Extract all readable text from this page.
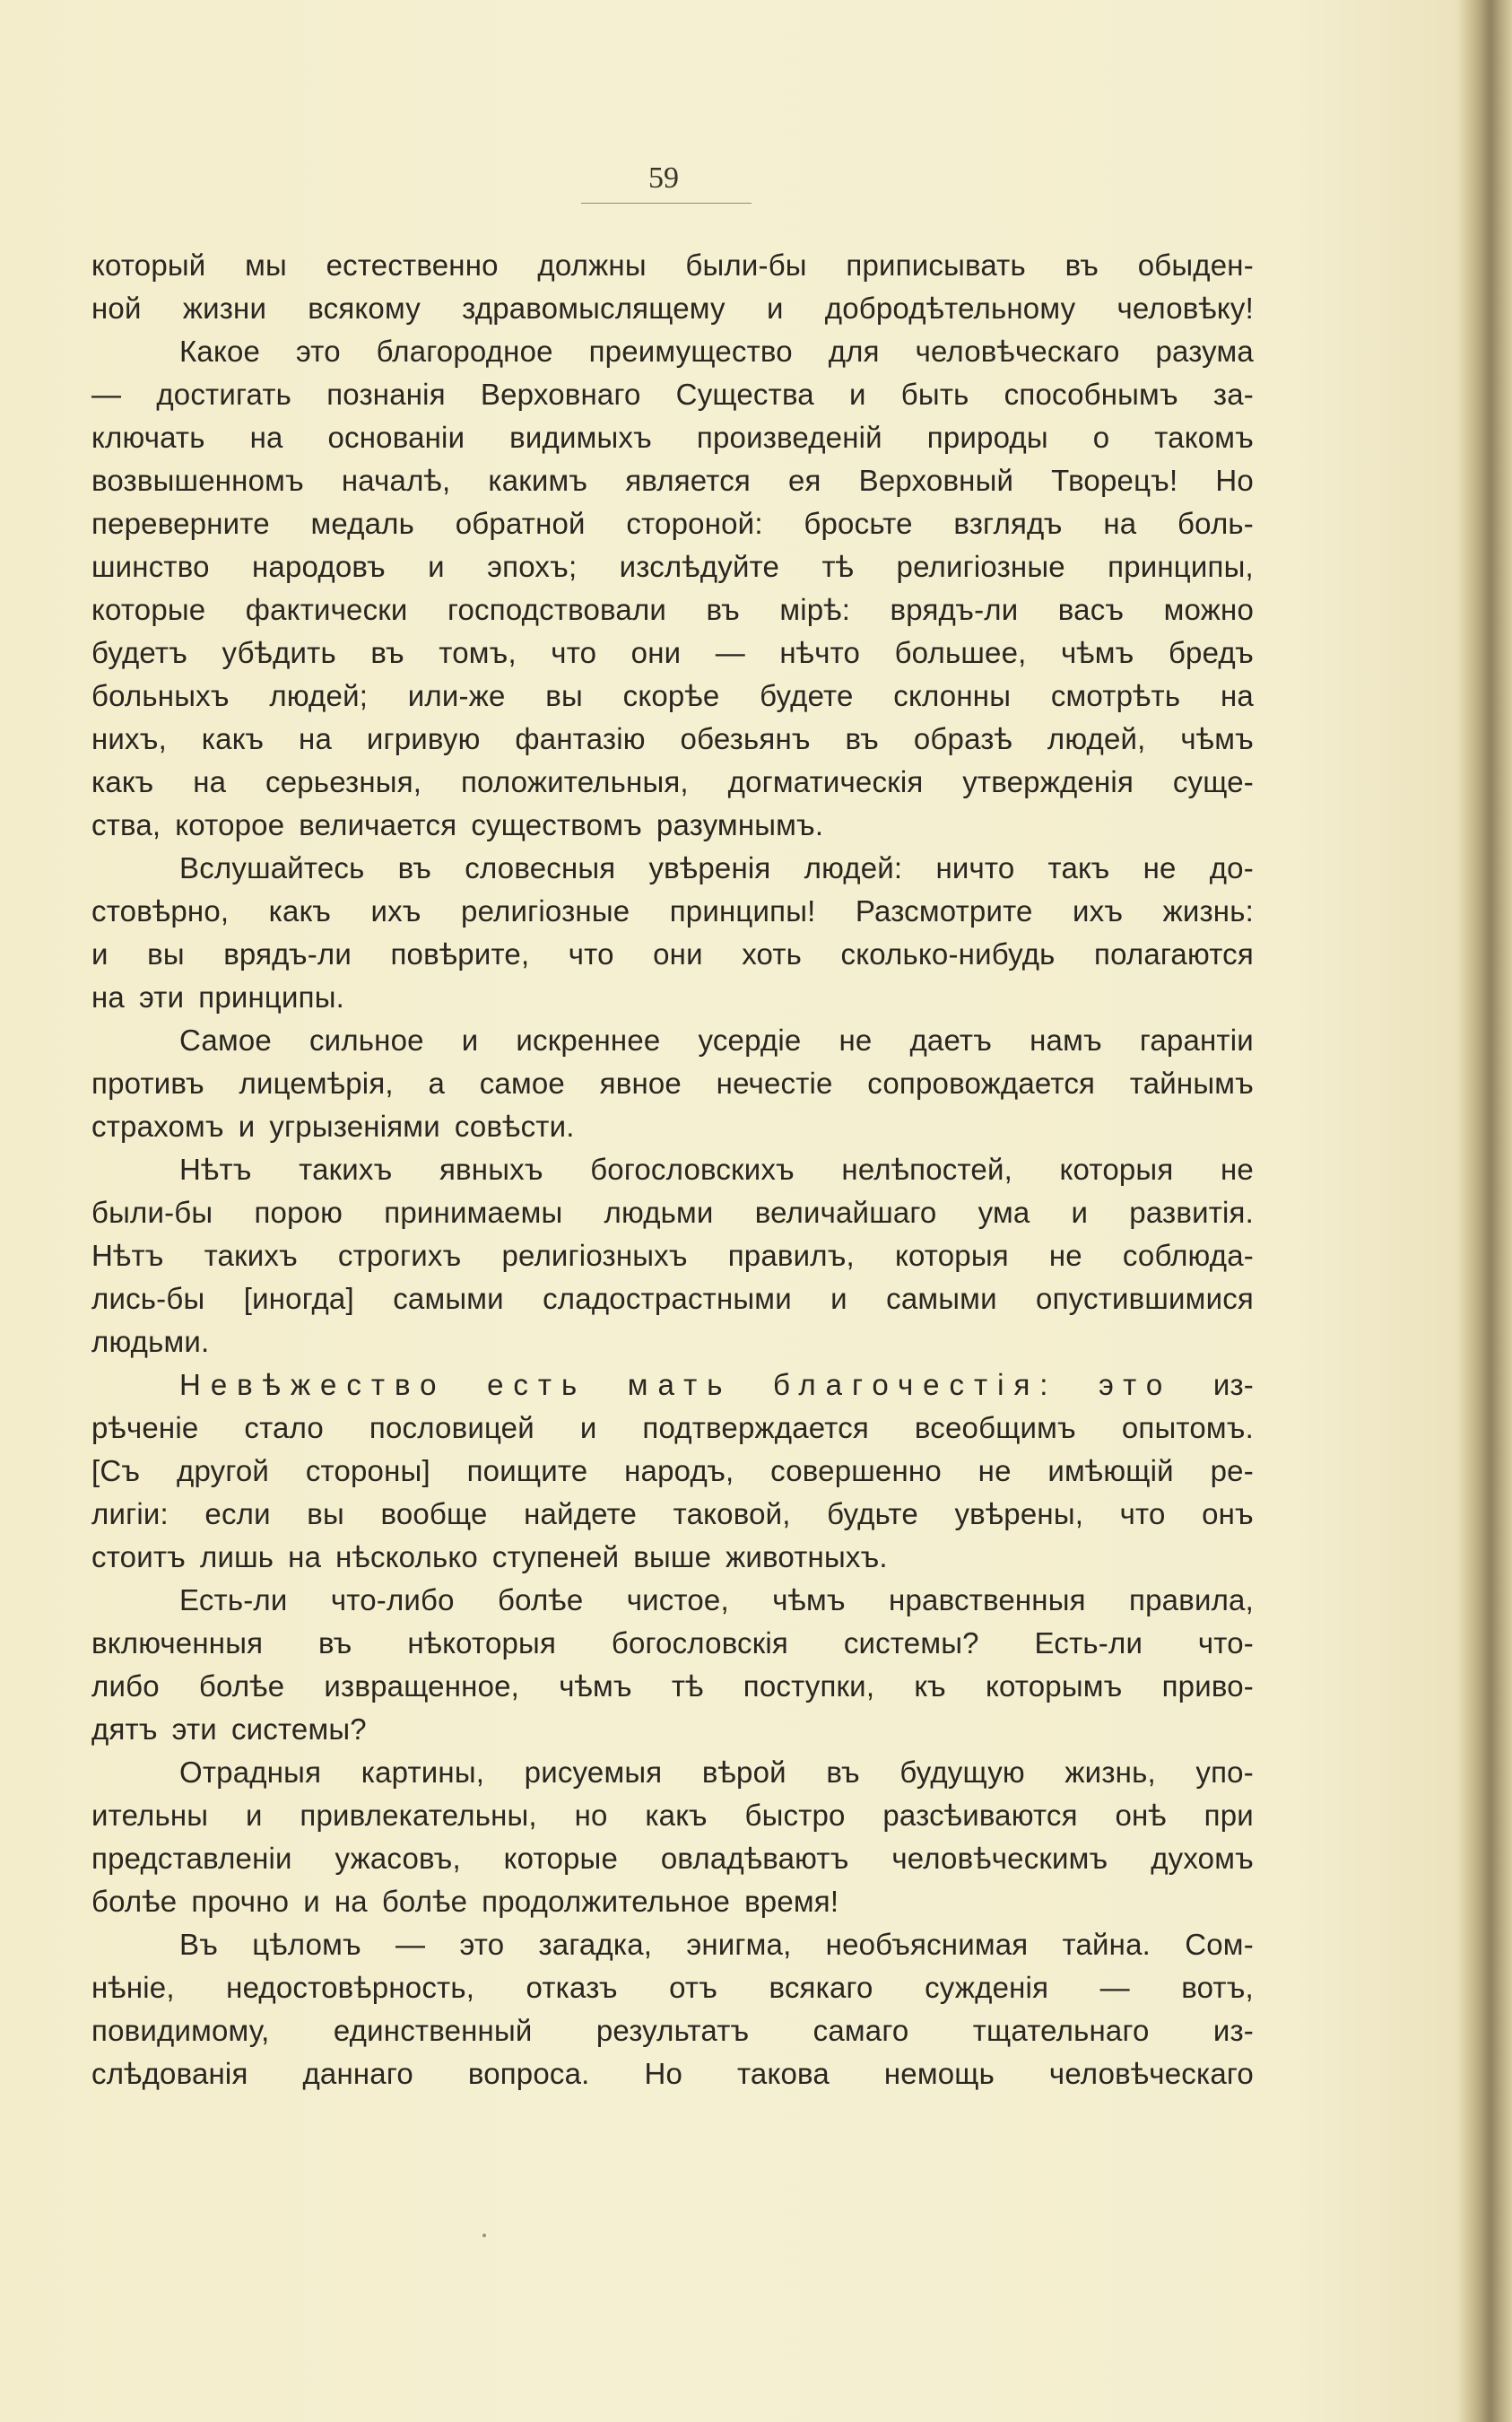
59
который мы естественно должны были-бы приписывать въ обыден-
ной жизни всякому здравомыслящему и добродѣтельному человѣку!
Какое это благородное преимущество для человѣческаго разума
— достигать познанія Верховнаго Существа и быть способнымъ за-
ключать на основаніи видимыхъ произведеній природы о такомъ
возвышенномъ началѣ, какимъ является ея Верховный Творецъ! Но
переверните медаль обратной стороной: бросьте взглядъ на боль-
шинство народовъ и эпохъ; изслѣдуйте тѣ религіозные принципы,
которые фактически господствовали въ мірѣ: врядъ-ли васъ можно
будетъ убѣдить въ томъ, что они — нѣчто большее, чѣмъ бредъ
больныхъ людей; или-же вы скорѣе будете склонны смотрѣть на
нихъ, какъ на игривую фантазію обезьянъ въ образѣ людей, чѣмъ
какъ на серьезныя, положительныя, догматическія утвержденія суще-
ства, которое величается существомъ разумнымъ.
Вслушайтесь въ словесныя увѣренія людей: ничто такъ не до-
стовѣрно, какъ ихъ религіозные принципы! Разсмотрите ихъ жизнь:
и вы врядъ-ли повѣрите, что они хоть сколько-нибудь полагаются
на эти принципы.
Самое сильное и искреннее усердіе не даетъ намъ гарантіи
противъ лицемѣрія, а самое явное нечестіе сопровождается тайнымъ
страхомъ и угрызеніями совѣсти.
Нѣтъ такихъ явныхъ богословскихъ нелѣпостей, которыя не
были-бы порою принимаемы людьми величайшаго ума и развитія.
Нѣтъ такихъ строгихъ религіозныхъ правилъ, которыя не соблюда-
лись-бы [иногда] самыми сладострастными и самыми опустившимися
людьми.
Невѣжество есть мать благочестія: это из-
рѣченіе стало пословицей и подтверждается всеобщимъ опытомъ.
[Съ другой стороны] поищите народъ, совершенно не имѣющій ре-
лигіи: если вы вообще найдете таковой, будьте увѣрены, что онъ
стоитъ лишь на нѣсколько ступеней выше животныхъ.
Есть-ли что-либо болѣе чистое, чѣмъ нравственныя правила,
включенныя въ нѣкоторыя богословскія системы? Есть-ли что-
либо болѣе извращенное, чѣмъ тѣ поступки, къ которымъ приво-
дятъ эти системы?
Отрадныя картины, рисуемыя вѣрой въ будущую жизнь, упо-
ительны и привлекательны, но какъ быстро разсѣиваются онѣ при
представленіи ужасовъ, которые овладѣваютъ человѣческимъ духомъ
болѣе прочно и на болѣе продолжительное время!
Въ цѣломъ — это загадка, энигма, необъяснимая тайна. Сом-
нѣніе, недостовѣрность, отказъ отъ всякаго сужденія — вотъ,
повидимому, единственный результатъ самаго тщательнаго из-
слѣдованія даннаго вопроса. Но такова немощь человѣческаго
